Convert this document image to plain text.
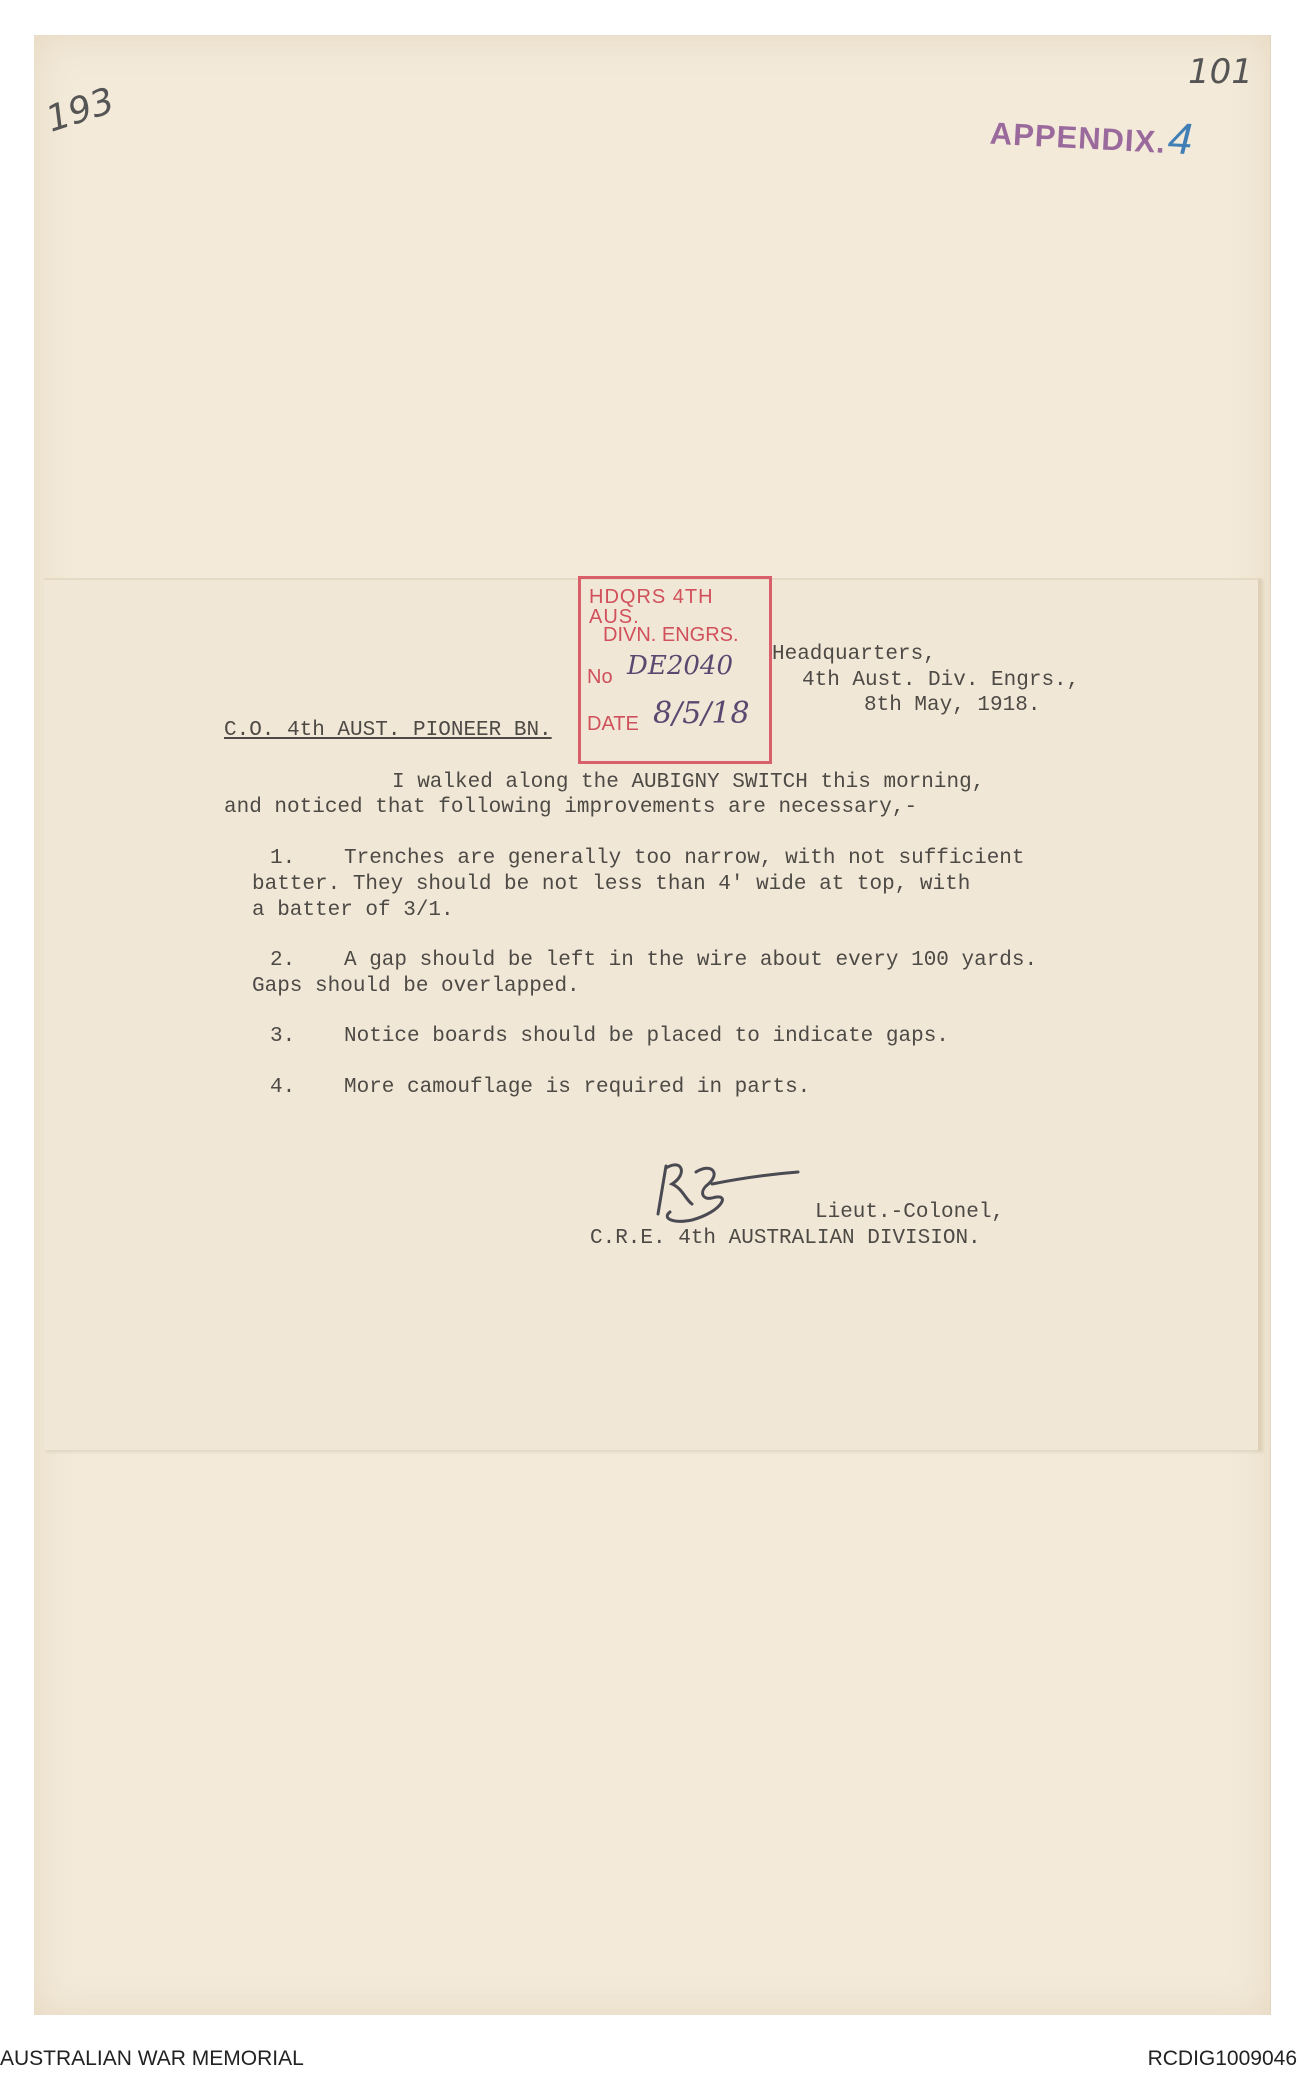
193
101
APPENDIX.4
HDQRS 4TH AUS.
DIVN. ENGRS.
No DE2040
DATE 8/5/18
Headquarters,
4th Aust. Div. Engrs.,
8th May, 1918.
C.O. 4th AUST. PIONEER BN.
I walked along the AUBIGNY SWITCH this morning,
and noticed that following improvements are necessary,-
1. Trenches are generally too narrow, with not sufficient
batter. They should be not less than 4' wide at top, with
a batter of 3/1.
2. A gap should be left in the wire about every 100 yards.
Gaps should be overlapped.
3. Notice boards should be placed to indicate gaps.
4. More camouflage is required in parts.
Lieut.-Colonel,
C.R.E. 4th AUSTRALIAN DIVISION.
AUSTRALIAN WAR MEMORIAL	RCDIG1009046
